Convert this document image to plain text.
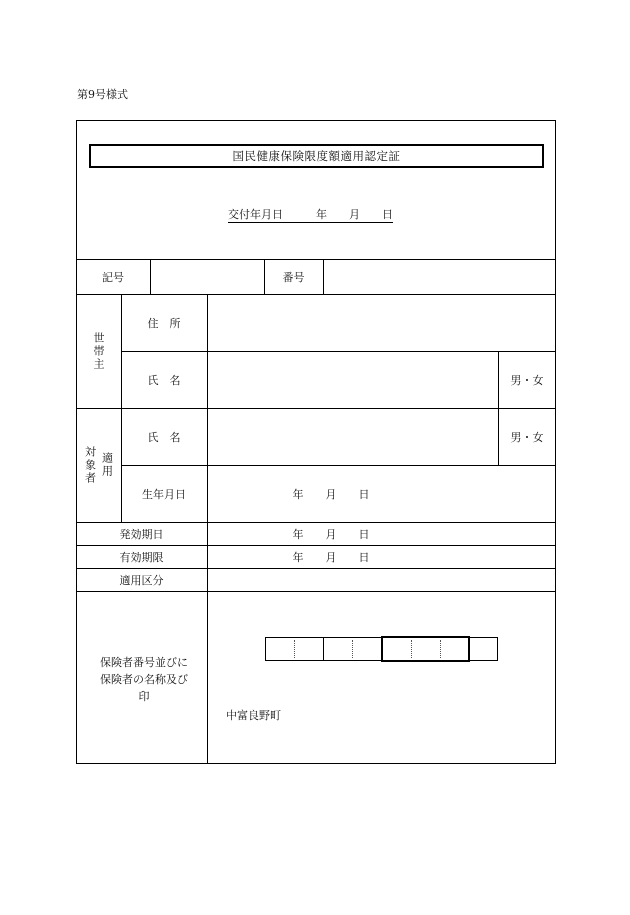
第9号様式
国民健康保険限度額適用認定証
交付年月日　　　年　　月　　日
記号	番号
世帯主
住　所
氏　名	男・女
適用
対象者
氏　名	男・女
生年月日	年　　月　　日
発効期日	年　　月　　日
有効期限	年　　月　　日
適用区分
保険者番号並びに保険者の名称及び印
中富良野町
